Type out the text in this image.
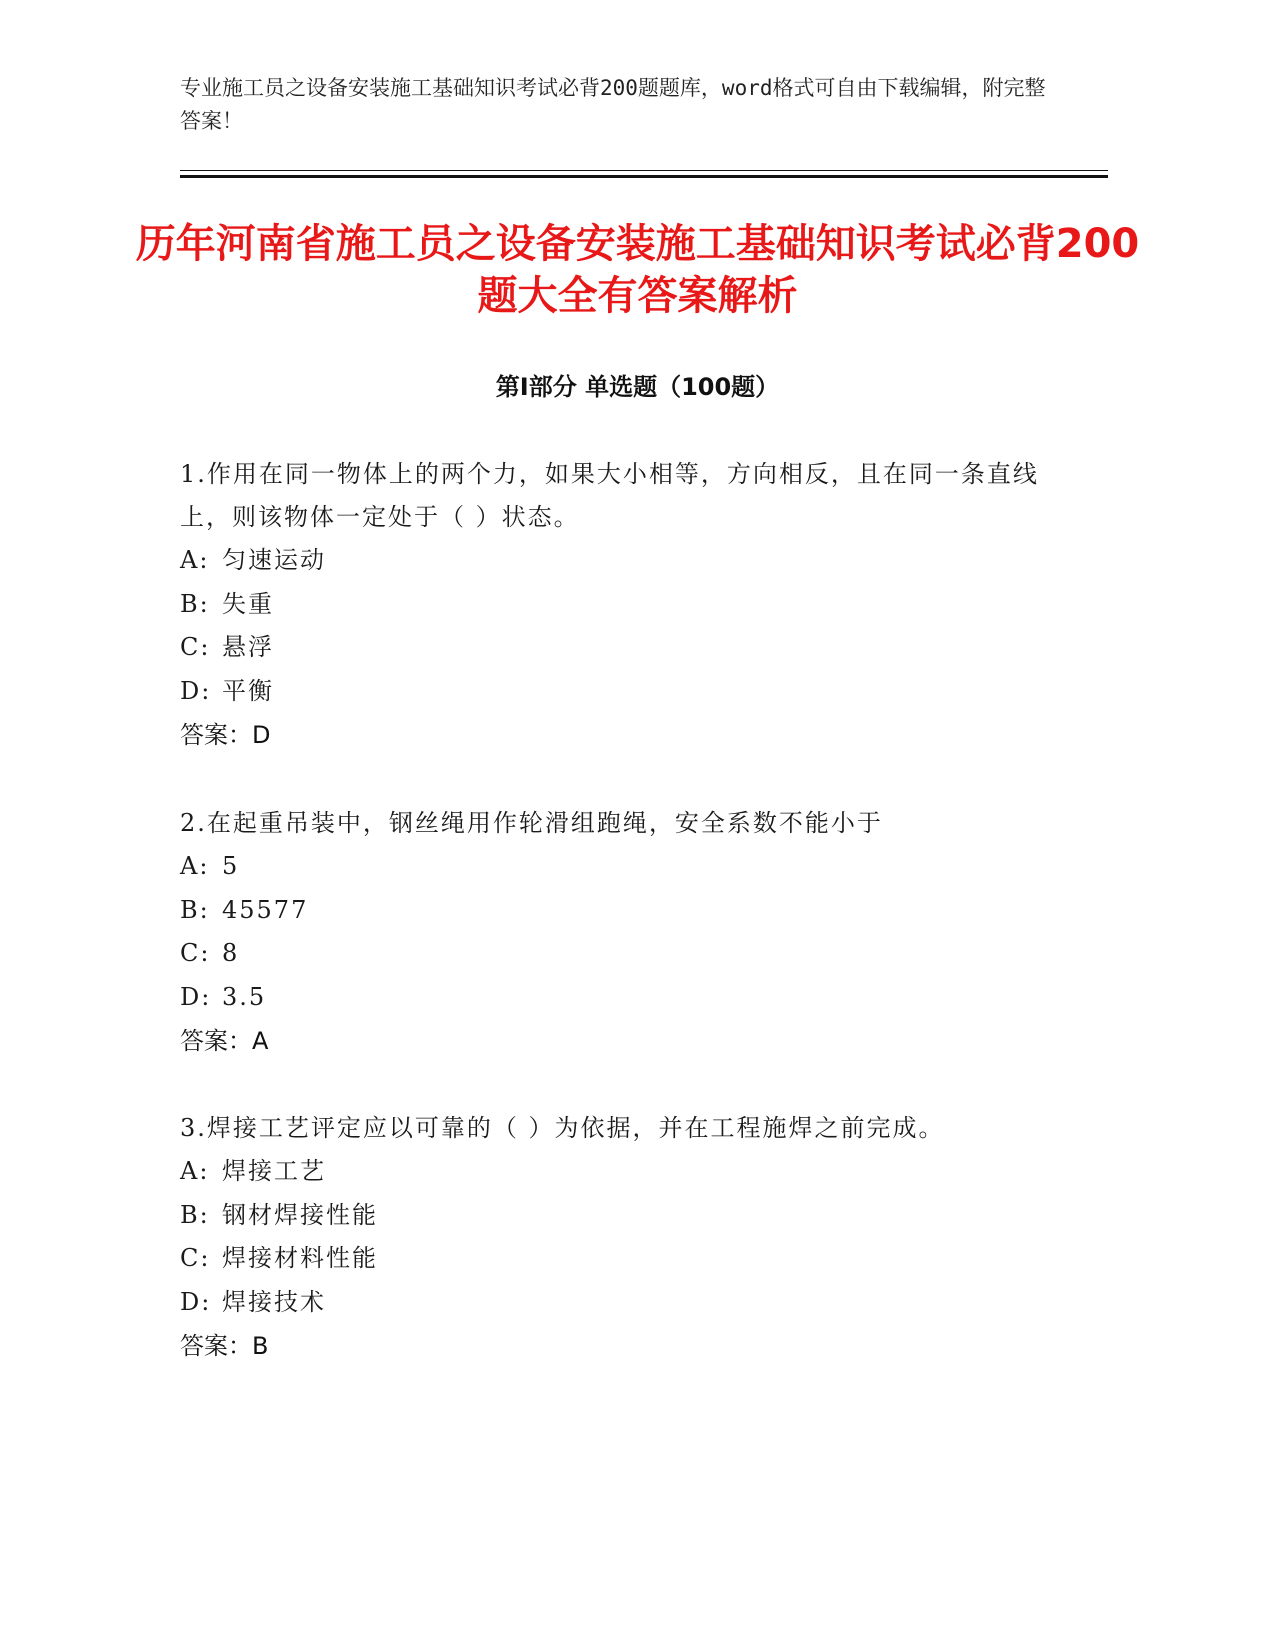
专业施工员之设备安装施工基础知识考试必背200题题库，word格式可自由下载编辑，附完整答案！
历年河南省施工员之设备安装施工基础知识考试必背200题大全有答案解析
第I部分 单选题（100题）
1.作用在同一物体上的两个力，如果大小相等，方向相反，且在同一条直线上，则该物体一定处于（ ）状态。
A: 匀速运动
B: 失重
C: 悬浮
D: 平衡
答案：D
2.在起重吊装中，钢丝绳用作轮滑组跑绳，安全系数不能小于
A: 5
B: 45577
C: 8
D: 3.5
答案：A
3.焊接工艺评定应以可靠的（ ）为依据，并在工程施焊之前完成。
A: 焊接工艺
B: 钢材焊接性能
C: 焊接材料性能
D: 焊接技术
答案：B
